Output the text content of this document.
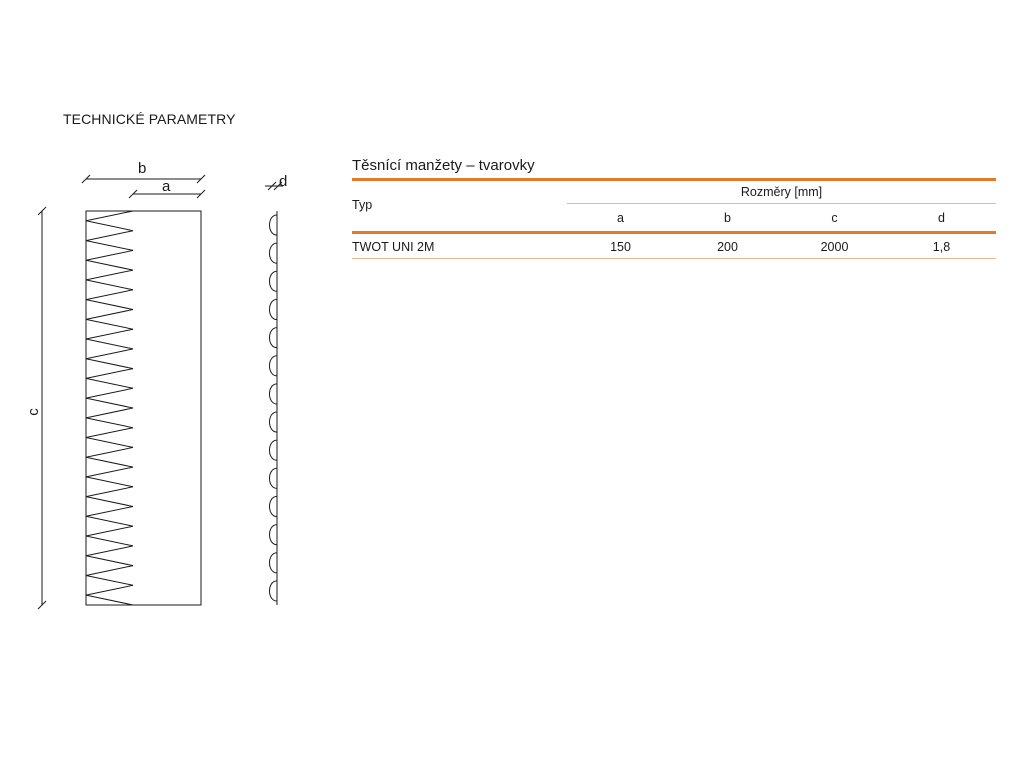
TECHNICKÉ PARAMETRY
b
a
c
d
Těsnící manžety – tvarovky
Typ
Rozměry [mm]
a	b	c	d
TWOT UNI 2M	150	200	2000	1,8
